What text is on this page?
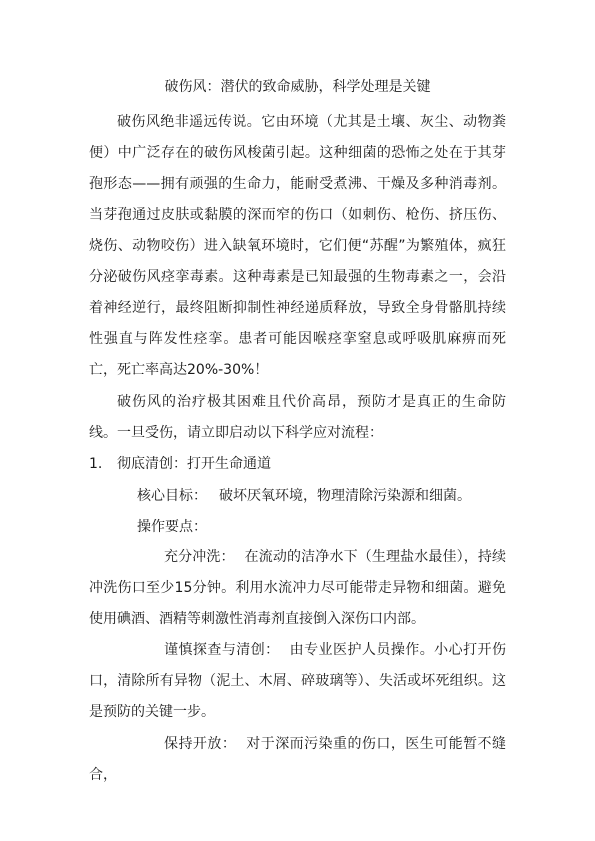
破伤风：潜伏的致命威胁，科学处理是关键

破伤风绝非遥远传说。它由环境（尤其是土壤、灰尘、动物粪便）中广泛存在的破伤风梭菌引起。这种细菌的恐怖之处在于其芽孢形态——拥有顽强的生命力，能耐受煮沸、干燥及多种消毒剂。当芽孢通过皮肤或黏膜的深而窄的伤口（如刺伤、枪伤、挤压伤、烧伤、动物咬伤）进入缺氧环境时，它们便“苏醒”为繁殖体，疯狂分泌破伤风痉挛毒素。这种毒素是已知最强的生物毒素之一，会沿着神经逆行，最终阻断抑制性神经递质释放，导致全身骨骼肌持续性强直与阵发性痉挛。患者可能因喉痉挛窒息或呼吸肌麻痹而死亡，死亡率高达20%-30%！

破伤风的治疗极其困难且代价高昂，预防才是真正的生命防线。一旦受伤，请立即启动以下科学应对流程：

1. 彻底清创：打开生命通道
核心目标： 破坏厌氧环境，物理清除污染源和细菌。
操作要点：

充分冲洗： 在流动的洁净水下（生理盐水最佳），持续冲洗伤口至少15分钟。利用水流冲力尽可能带走异物和细菌。避免使用碘酒、酒精等刺激性消毒剂直接倒入深伤口内部。

谨慎探查与清创： 由专业医护人员操作。小心打开伤口，清除所有异物（泥土、木屑、碎玻璃等）、失活或坏死组织。这是预防的关键一步。

保持开放： 对于深而污染重的伤口，医生可能暂不缝合，
